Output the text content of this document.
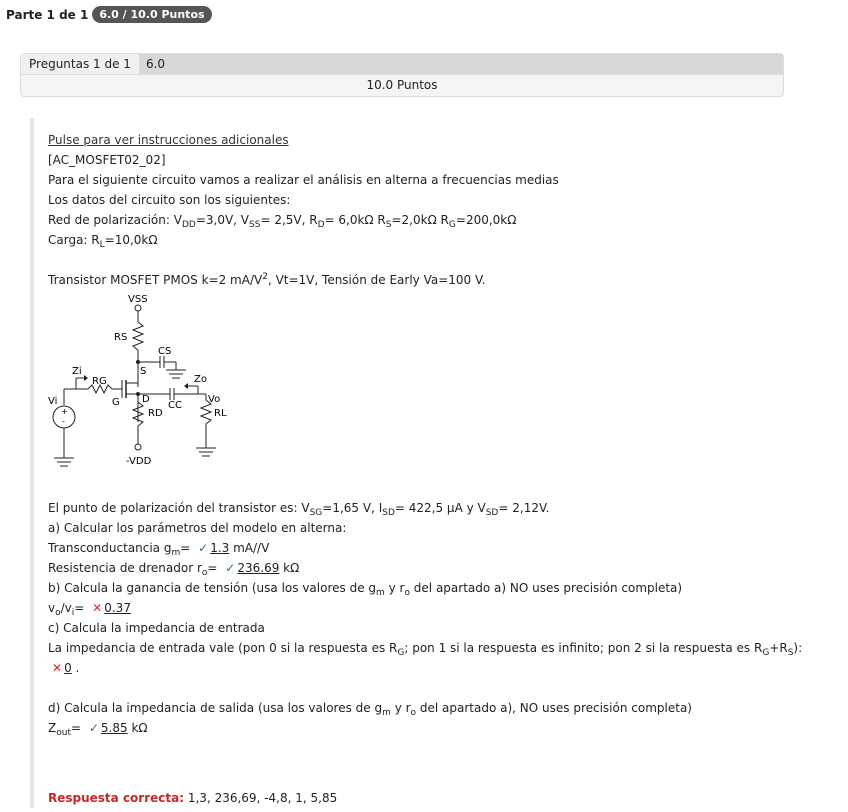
Parte 1 de 1	6.0 / 10.0 Puntos
Preguntas 1 de 1	6.0
10.0 Puntos
Pulse para ver instrucciones adicionales
[AC_MOSFET02_02]
Para el siguiente circuito vamos a realizar el análisis en alterna a frecuencias medias
Los datos del circuito son los siguientes:
Red de polarización: $V_{DD}=3,0V$, $V_{SS}= 2,5V$, $R_D= 6,0k\Omega$ $R_S=2,0k\Omega$ $R_G=200,0k\Omega$
Carga: $R_L=10,0k\Omega$
Transistor MOSFET PMOS k=2 $mA/V^2$, Vt=1V, Tensión de Early Va=100 V.
VSS
RS
CS
S
G
RG
Zi
Vi
+
-
D
RD
-VDD
CC
Zo
Vo
RL
El punto de polarización del transistor es: $V_{SG}=1,65$ V, $I_{SD}= 422,5$ µA y $V_{SD}= 2,12V$.
a) Calcular los parámetros del modelo en alterna:
Transconductancia $g_m=$ ✓ 1.3 mA//V
Resistencia de drenador $r_o=$ ✓ 236.69 kΩ
b) Calcula la ganancia de tensión (usa los valores de $g_m$ y $r_o$ del apartado a) NO uses precisión completa)
$v_o/v_i=$ ✕ 0.37
c) Calcula la impedancia de entrada
La impedancia de entrada vale (pon 0 si la respuesta es $R_G$; pon 1 si la respuesta es infinito; pon 2 si la respuesta es $R_G+R_S$): ✕ 0 .
d) Calcula la impedancia de salida (usa los valores de $g_m$ y $r_o$ del apartado a), NO uses precisión completa)
$Z_{out}=$ ✓ 5.85 kΩ
Respuesta correcta: 1,3, 236,69, -4,8, 1, 5,85
